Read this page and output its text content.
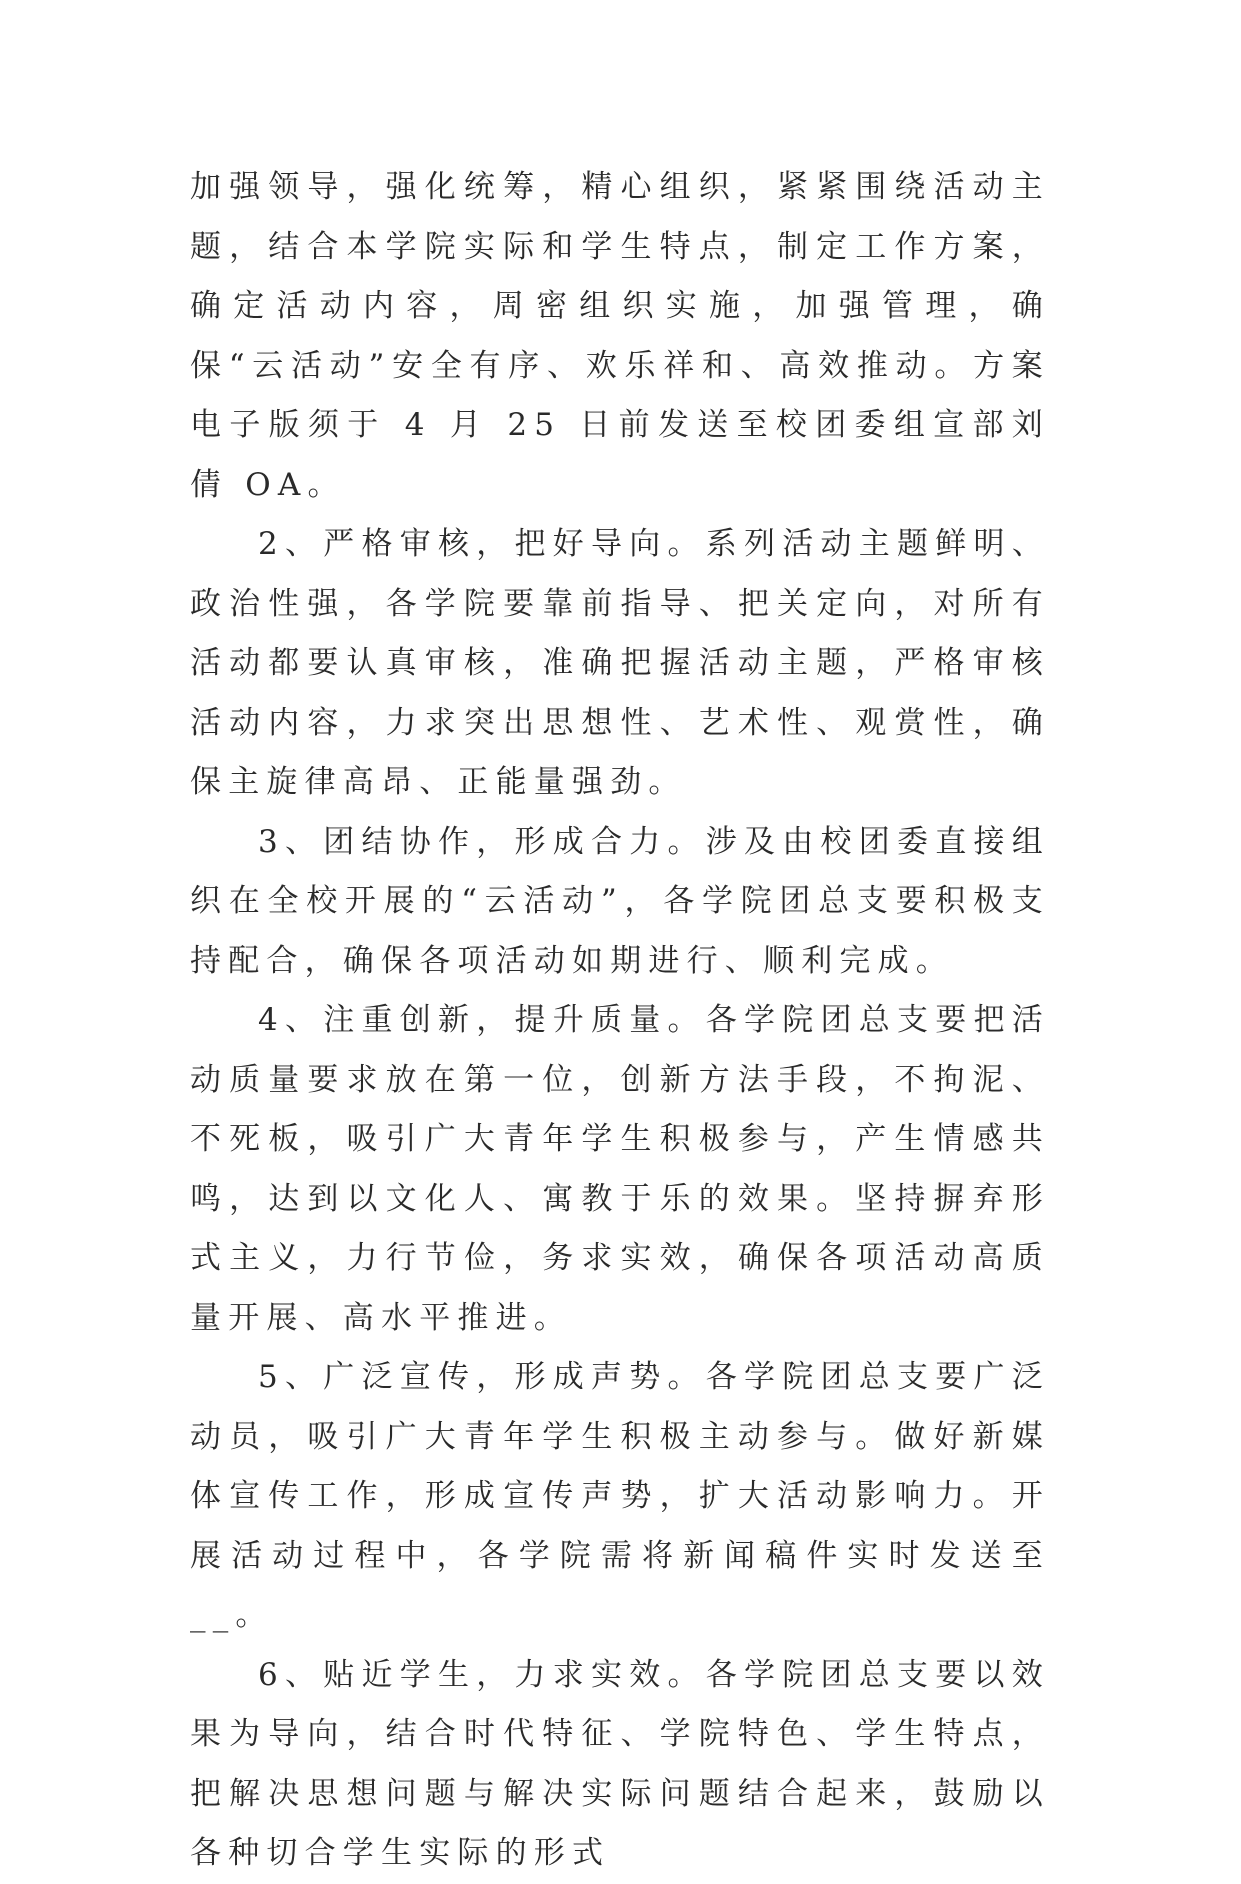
加强领导，强化统筹，精心组织，紧紧围绕活动主题，结合本学院实际和学生特点，制定工作方案，确定活动内容，周密组织实施，加强管理，确保“云活动”安全有序、欢乐祥和、高效推动。方案电子版须于 4 月 25 日前发送至校团委组宣部刘倩 OA。

2、严格审核，把好导向。系列活动主题鲜明、政治性强，各学院要靠前指导、把关定向，对所有活动都要认真审核，准确把握活动主题，严格审核活动内容，力求突出思想性、艺术性、观赏性，确保主旋律高昂、正能量强劲。

3、团结协作，形成合力。涉及由校团委直接组织在全校开展的“云活动”，各学院团总支要积极支持配合，确保各项活动如期进行、顺利完成。

4、注重创新，提升质量。各学院团总支要把活动质量要求放在第一位，创新方法手段，不拘泥、不死板，吸引广大青年学生积极参与，产生情感共鸣，达到以文化人、寓教于乐的效果。坚持摒弃形式主义，力行节俭，务求实效，确保各项活动高质量开展、高水平推进。

5、广泛宣传，形成声势。各学院团总支要广泛动员，吸引广大青年学生积极主动参与。做好新媒体宣传工作，形成宣传声势，扩大活动影响力。开展活动过程中，各学院需将新闻稿件实时发送至__。

6、贴近学生，力求实效。各学院团总支要以效果为导向，结合时代特征、学院特色、学生特点，把解决思想问题与解决实际问题结合起来，鼓励以各种切合学生实际的形式
